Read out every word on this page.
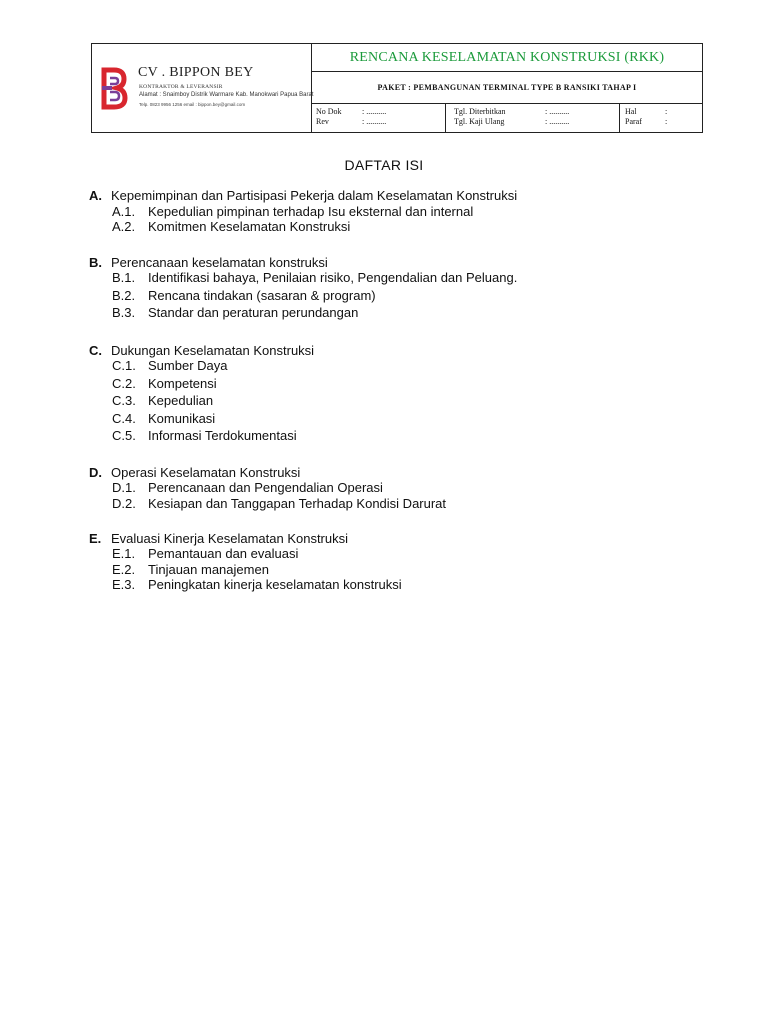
CV . BIPPON BEY
KONTRAKTOR & LEVERANSIR
Alamat : Snaimboy Distrik Warmare Kab. Manokwari Papua Barat
Telp. 0823 9956 1256 email : bippon.bey@gmail.com
RENCANA KESELAMATAN KONSTRUKSI (RKK)
PAKET : PEMBANGUNAN TERMINAL TYPE B RANSIKI TAHAP I
No Dok	: ..........
Rev	: ..........
Tgl. Diterbitkan	: ..........
Tgl. Kaji Ulang	: ..........
Hal	:
Paraf	:
DAFTAR ISI
A. Kepemimpinan dan Partisipasi Pekerja dalam Keselamatan Konstruksi
A.1. Kepedulian pimpinan terhadap Isu eksternal dan internal
A.2. Komitmen Keselamatan Konstruksi
B. Perencanaan keselamatan konstruksi
B.1. Identifikasi bahaya, Penilaian risiko, Pengendalian dan Peluang.
B.2. Rencana tindakan (sasaran & program)
B.3. Standar dan peraturan perundangan
C. Dukungan Keselamatan Konstruksi
C.1. Sumber Daya
C.2. Kompetensi
C.3. Kepedulian
C.4. Komunikasi
C.5. Informasi Terdokumentasi
D. Operasi Keselamatan Konstruksi
D.1. Perencanaan dan Pengendalian Operasi
D.2. Kesiapan dan Tanggapan Terhadap Kondisi Darurat
E. Evaluasi Kinerja Keselamatan Konstruksi
E.1. Pemantauan dan evaluasi
E.2. Tinjauan manajemen
E.3. Peningkatan kinerja keselamatan konstruksi
